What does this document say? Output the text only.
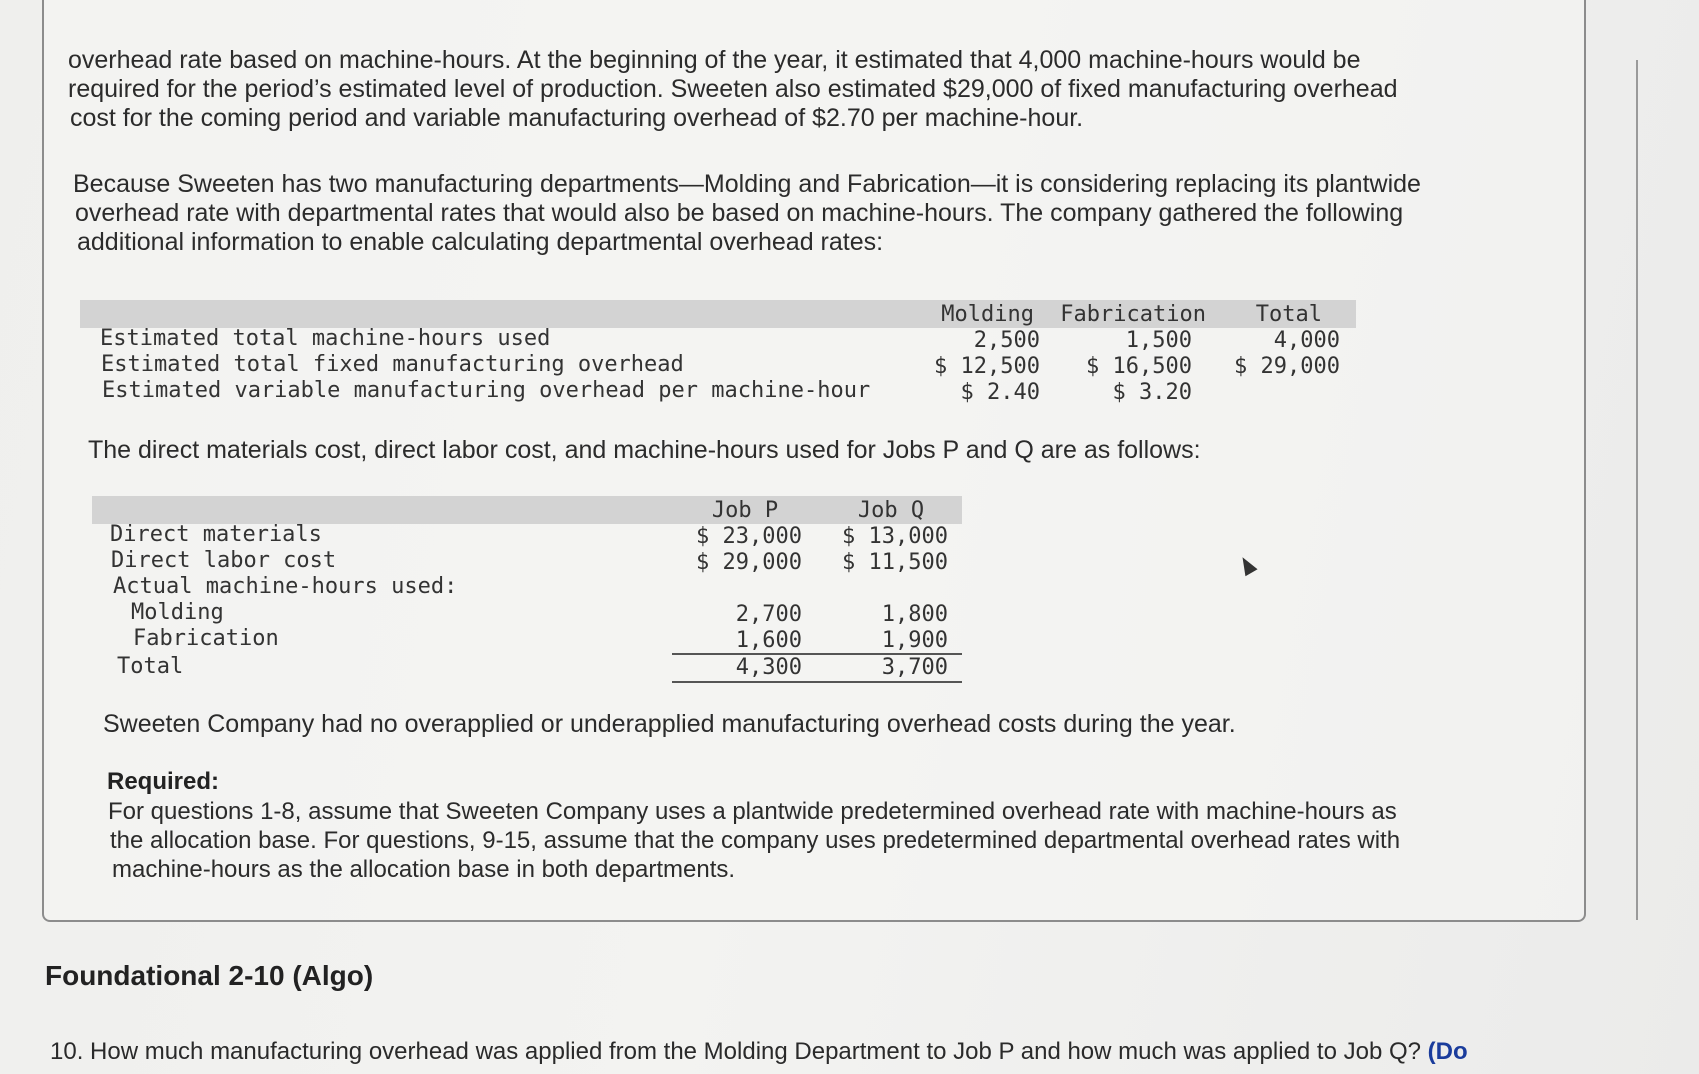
overhead rate based on machine-hours. At the beginning of the year, it estimated that 4,000 machine-hours would be

required for the period’s estimated level of production. Sweeten also estimated $29,000 of fixed manufacturing overhead

cost for the coming period and variable manufacturing overhead of $2.70 per machine-hour.

Because Sweeten has two manufacturing departments—Molding and Fabrication—it is considering replacing its plantwide

overhead rate with departmental rates that would also be based on machine-hours. The company gathered the following

additional information to enable calculating departmental overhead rates:

Molding	Fabrication	Total
Estimated total machine-hours used	2,500	1,500	4,000
Estimated total fixed manufacturing overhead	$ 12,500	$ 16,500	$ 29,000
Estimated variable manufacturing overhead per machine-hour	$ 2.40	$ 3.20

The direct materials cost, direct labor cost, and machine-hours used for Jobs P and Q are as follows:

Job P	Job Q
Direct materials	$ 23,000	$ 13,000
Direct labor cost	$ 29,000	$ 11,500
Actual machine-hours used:
Molding	2,700	1,800
Fabrication	1,600	1,900
Total	4,300	3,700

Sweeten Company had no overapplied or underapplied manufacturing overhead costs during the year.

Required:

For questions 1-8, assume that Sweeten Company uses a plantwide predetermined overhead rate with machine-hours as

the allocation base. For questions, 9-15, assume that the company uses predetermined departmental overhead rates with

machine-hours as the allocation base in both departments.

Foundational 2-10 (Algo)
10. How much manufacturing overhead was applied from the Molding Department to Job P and how much was applied to Job Q? (Do
